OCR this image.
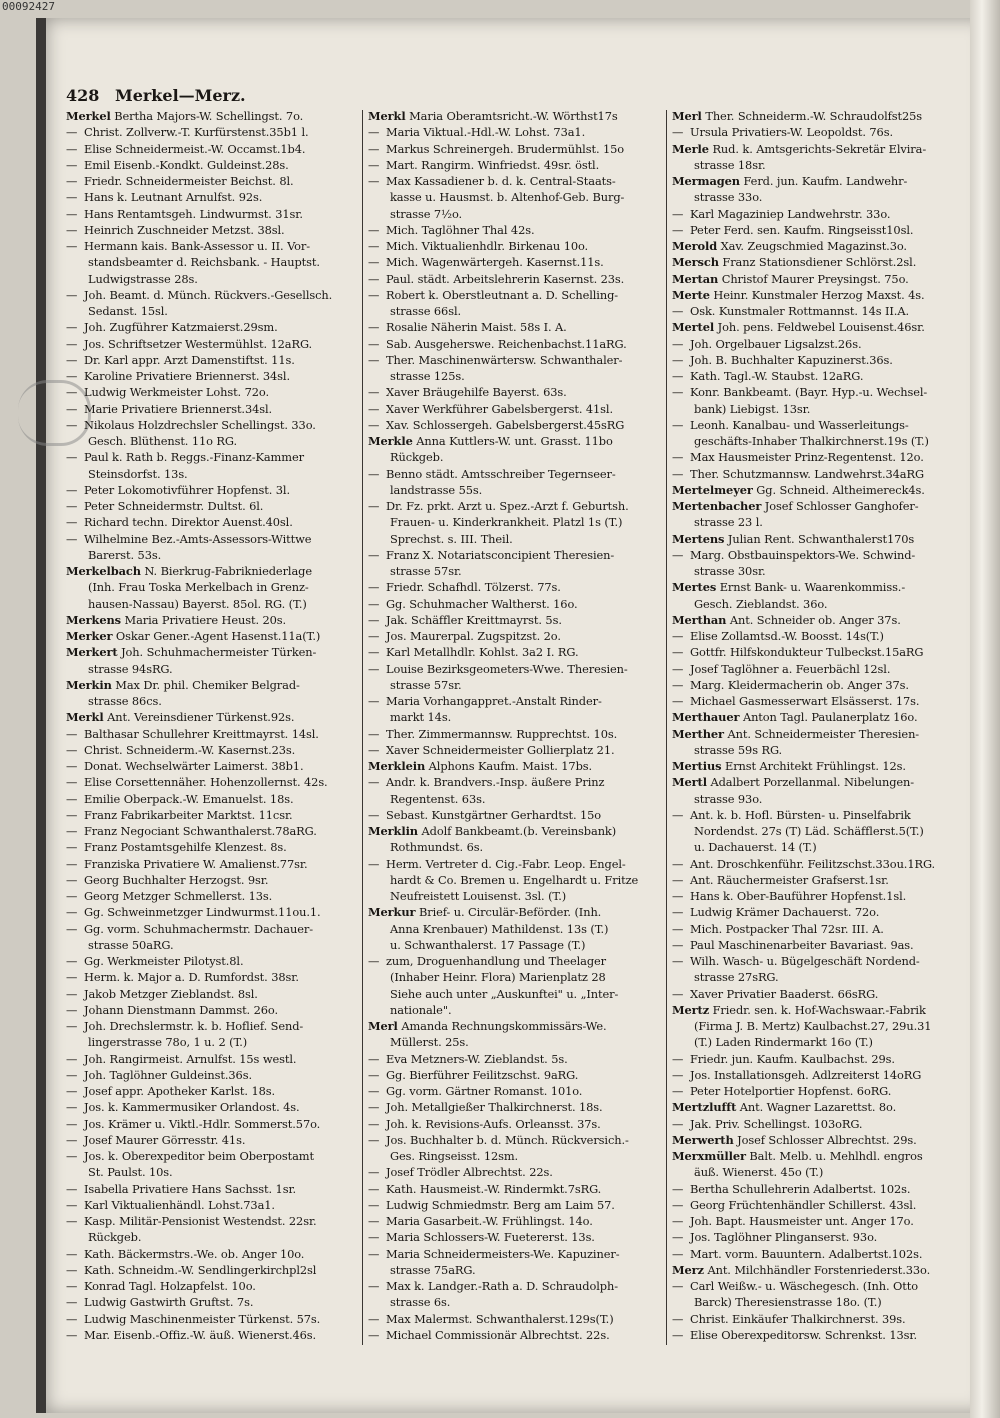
00092427
428 Merkel—Merz.
Merkel Bertha Majors-W. Schellingst. 7o.
— Christ. Zollverw.-T. Kurfürstenst.35b1 l.
— Elise Schneidermeist.-W. Occamst.1b4.
— Emil Eisenb.-Kondkt. Guldeinst.28s.
— Friedr. Schneidermeister Beichst. 8l.
— Hans k. Leutnant Arnulfst. 92s.
— Hans Rentamtsgeh. Lindwurmst. 31sr.
— Heinrich Zuschneider Metzst. 38sl.
— Hermann kais. Bank-Assessor u. II. Vor-
standsbeamter d. Reichsbank. - Hauptst.
Ludwigstrasse 28s.
— Joh. Beamt. d. Münch. Rückvers.-Gesellsch.
Sedanst. 15sl.
— Joh. Zugführer Katzmaierst.29sm.
— Jos. Schriftsetzer Westermühlst. 12aRG.
— Dr. Karl appr. Arzt Damenstiftst. 11s.
— Karoline Privatiere Briennerst. 34sl.
— Ludwig Werkmeister Lohst. 72o.
— Marie Privatiere Briennerst.34sl.
— Nikolaus Holzdrechsler Schellingst. 33o.
Gesch. Blüthenst. 11o RG.
— Paul k. Rath b. Reggs.-Finanz-Kammer
Steinsdorfst. 13s.
— Peter Lokomotivführer Hopfenst. 3l.
— Peter Schneidermstr. Dultst. 6l.
— Richard techn. Direktor Auenst.40sl.
— Wilhelmine Bez.-Amts-Assessors-Wittwe
Barerst. 53s.
Merkelbach N. Bierkrug-Fabrikniederlage
(Inh. Frau Toska Merkelbach in Grenz-
hausen-Nassau) Bayerst. 85ol. RG. (T.)
Merkens Maria Privatiere Heust. 20s.
Merker Oskar Gener.-Agent Hasenst.11a(T.)
Merkert Joh. Schuhmachermeister Türken-
strasse 94sRG.
Merkin Max Dr. phil. Chemiker Belgrad-
strasse 86cs.
Merkl Ant. Vereinsdiener Türkenst.92s.
— Balthasar Schullehrer Kreittmayrst. 14sl.
— Christ. Schneiderm.-W. Kasernst.23s.
— Donat. Wechselwärter Laimerst. 38b1.
— Elise Corsettennäher. Hohenzollernst. 42s.
— Emilie Oberpack.-W. Emanuelst. 18s.
— Franz Fabrikarbeiter Marktst. 11csr.
— Franz Negociant Schwanthalerst.78aRG.
— Franz Postamtsgehilfe Klenzest. 8s.
— Franziska Privatiere W. Amalienst.77sr.
— Georg Buchhalter Herzogst. 9sr.
— Georg Metzger Schmellerst. 13s.
— Gg. Schweinmetzger Lindwurmst.11ou.1.
— Gg. vorm. Schuhmachermstr. Dachauer-
strasse 50aRG.
— Gg. Werkmeister Pilotyst.8l.
— Herm. k. Major a. D. Rumfordst. 38sr.
— Jakob Metzger Zieblandst. 8sl.
— Johann Dienstmann Dammst. 26o.
— Joh. Drechslermstr. k. b. Hoflief. Send-
lingerstrasse 78o, 1 u. 2 (T.)
— Joh. Rangirmeist. Arnulfst. 15s westl.
— Joh. Taglöhner Guldeinst.36s.
— Josef appr. Apotheker Karlst. 18s.
— Jos. k. Kammermusiker Orlandost. 4s.
— Jos. Krämer u. Viktl.-Hdlr. Sommerst.57o.
— Josef Maurer Görresstr. 41s.
— Jos. k. Oberexpeditor beim Oberpostamt
St. Paulst. 10s.
— Isabella Privatiere Hans Sachsst. 1sr.
— Karl Viktualienhändl. Lohst.73a1.
— Kasp. Militär-Pensionist Westendst. 22sr.
Rückgeb.
— Kath. Bäckermstrs.-We. ob. Anger 10o.
— Kath. Schneidm.-W. Sendlingerkirchpl2sl
— Konrad Tagl. Holzapfelst. 10o.
— Ludwig Gastwirth Gruftst. 7s.
— Ludwig Maschinenmeister Türkenst. 57s.
— Mar. Eisenb.-Offiz.-W. äuß. Wienerst.46s.
Merkl Maria Oberamtsricht.-W. Wörthst17s
— Maria Viktual.-Hdl.-W. Lohst. 73a1.
— Markus Schreinergeh. Brudermühlst. 15o
— Mart. Rangirm. Winfriedst. 49sr. östl.
— Max Kassadiener b. d. k. Central-Staats-
kasse u. Hausmst. b. Altenhof-Geb. Burg-
strasse 7½o.
— Mich. Taglöhner Thal 42s.
— Mich. Viktualienhdlr. Birkenau 10o.
— Mich. Wagenwärtergeh. Kasernst.11s.
— Paul. städt. Arbeitslehrerin Kasernst. 23s.
— Robert k. Oberstleutnant a. D. Schelling-
strasse 66sl.
— Rosalie Näherin Maist. 58s I. A.
— Sab. Ausgeherswe. Reichenbachst.11aRG.
— Ther. Maschinenwärtersw. Schwanthaler-
strasse 125s.
— Xaver Bräugehilfe Bayerst. 63s.
— Xaver Werkführer Gabelsbergerst. 41sl.
— Xav. Schlossergeh. Gabelsbergerst.45sRG
Merkle Anna Kuttlers-W. unt. Grasst. 11bo
Rückgeb.
— Benno städt. Amtsschreiber Tegernseer-
landstrasse 55s.
— Dr. Fz. prkt. Arzt u. Spez.-Arzt f. Geburtsh.
Frauen- u. Kinderkrankheit. Platzl 1s (T.)
Sprechst. s. III. Theil.
— Franz X. Notariatsconcipient Theresien-
strasse 57sr.
— Friedr. Schafhdl. Tölzerst. 77s.
— Gg. Schuhmacher Waltherst. 16o.
— Jak. Schäffler Kreittmayrst. 5s.
— Jos. Maurerpal. Zugspitzst. 2o.
— Karl Metallhdlr. Kohlst. 3a2 I. RG.
— Louise Bezirksgeometers-Wwe. Theresien-
strasse 57sr.
— Maria Vorhangappret.-Anstalt Rinder-
markt 14s.
— Ther. Zimmermannsw. Rupprechtst. 10s.
— Xaver Schneidermeister Gollierplatz 21.
Merklein Alphons Kaufm. Maist. 17bs.
— Andr. k. Brandvers.-Insp. äußere Prinz
Regentenst. 63s.
— Sebast. Kunstgärtner Gerhardtst. 15o
Merklin Adolf Bankbeamt.(b. Vereinsbank)
Rothmundst. 6s.
— Herm. Vertreter d. Cig.-Fabr. Leop. Engel-
hardt & Co. Bremen u. Engelhardt u. Fritze
Neufreistett Louisenst. 3sl. (T.)
Merkur Brief- u. Circulär-Beförder. (Inh.
Anna Krenbauer) Mathildenst. 13s (T.)
u. Schwanthalerst. 17 Passage (T.)
— zum, Droguenhandlung und Theelager
(Inhaber Heinr. Flora) Marienplatz 28
Siehe auch unter „Auskunftei" u. „Inter-
nationale".
Merl Amanda Rechnungskommissärs-We.
Müllerst. 25s.
— Eva Metzners-W. Zieblandst. 5s.
— Gg. Bierführer Feilitzschst. 9aRG.
— Gg. vorm. Gärtner Romanst. 101o.
— Joh. Metallgießer Thalkirchnerst. 18s.
— Joh. k. Revisions-Aufs. Orleansst. 37s.
— Jos. Buchhalter b. d. Münch. Rückversich.-
Ges. Ringseisst. 12sm.
— Josef Trödler Albrechtst. 22s.
— Kath. Hausmeist.-W. Rindermkt.7sRG.
— Ludwig Schmiedmstr. Berg am Laim 57.
— Maria Gasarbeit.-W. Frühlingst. 14o.
— Maria Schlossers-W. Fuetererst. 13s.
— Maria Schneidermeisters-We. Kapuziner-
strasse 75aRG.
— Max k. Landger.-Rath a. D. Schraudolph-
strasse 6s.
— Max Malermst. Schwanthalerst.129s(T.)
— Michael Commissionär Albrechtst. 22s.
Merl Ther. Schneiderm.-W. Schraudolfst25s
— Ursula Privatiers-W. Leopoldst. 76s.
Merle Rud. k. Amtsgerichts-Sekretär Elvira-
strasse 18sr.
Mermagen Ferd. jun. Kaufm. Landwehr-
strasse 33o.
— Karl Magaziniер Landwehrstr. 33o.
— Peter Ferd. sen. Kaufm. Ringseisst10sl.
Merold Xav. Zeugschmied Magazinst.3o.
Mersch Franz Stationsdiener Schlörst.2sl.
Mertan Christof Maurer Preysingst. 75o.
Merte Heinr. Kunstmaler Herzog Maxst. 4s.
— Osk. Kunstmaler Rottmannst. 14s II.A.
Mertel Joh. pens. Feldwebel Louisenst.46sr.
— Joh. Orgelbauer Ligsalzst.26s.
— Joh. B. Buchhalter Kapuzinerst.36s.
— Kath. Tagl.-W. Staubst. 12aRG.
— Konr. Bankbeamt. (Bayr. Hyp.-u. Wechsel-
bank) Liebigst. 13sr.
— Leonh. Kanalbau- und Wasserleitungs-
geschäfts-Inhaber Thalkirchnerst.19s (T.)
— Max Hausmeister Prinz-Regentenst. 12o.
— Ther. Schutzmannsw. Landwehrst.34aRG
Mertelmeyer Gg. Schneid. Altheimereck4s.
Mertenbacher Josef Schlosser Ganghofer-
strasse 23 l.
Mertens Julian Rent. Schwanthalerst170s
— Marg. Obstbauinspektors-We. Schwind-
strasse 30sr.
Mertes Ernst Bank- u. Waarenkommiss.-
Gesch. Zieblandst. 36o.
Merthan Ant. Schneider ob. Anger 37s.
— Elise Zollamtsd.-W. Boosst. 14s(T.)
— Gottfr. Hilfskondukteur Tulbeckst.15aRG
— Josef Taglöhner a. Feuerbächl 12sl.
— Marg. Kleidermacherin ob. Anger 37s.
— Michael Gasmesserwart Elsässerst. 17s.
Merthauer Anton Tagl. Paulanerplatz 16o.
Merther Ant. Schneidermeister Theresien-
strasse 59s RG.
Mertius Ernst Architekt Frühlingst. 12s.
Mertl Adalbert Porzellanmal. Nibelungen-
strasse 93o.
— Ant. k. b. Hofl. Bürsten- u. Pinselfabrik
Nordendst. 27s (T) Läd. Schäfflerst.5(T.)
u. Dachauerst. 14 (T.)
— Ant. Droschkenführ. Feilitzschst.33ou.1RG.
— Ant. Räuchermeister Grafserst.1sr.
— Hans k. Ober-Bauführer Hopfenst.1sl.
— Ludwig Krämer Dachauerst. 72o.
— Mich. Postpacker Thal 72sr. III. A.
— Paul Maschinenarbeiter Bavariast. 9as.
— Wilh. Wasch- u. Bügelgeschäft Nordend-
strasse 27sRG.
— Xaver Privatier Baaderst. 66sRG.
Mertz Friedr. sen. k. Hof-Wachswaar.-Fabrik
(Firma J. B. Mertz) Kaulbachst.27, 29u.31
(T.) Laden Rindermarkt 16o (T.)
— Friedr. jun. Kaufm. Kaulbachst. 29s.
— Jos. Installationsgeh. Adlzreiterst 14oRG
— Peter Hotelportier Hopfenst. 6oRG.
Mertzlufft Ant. Wagner Lazarettst. 8o.
— Jak. Priv. Schellingst. 103oRG.
Merwerth Josef Schlosser Albrechtst. 29s.
Merxmüller Balt. Melb. u. Mehlhdl. engros
äuß. Wienerst. 45o (T.)
— Bertha Schullehrerin Adalbertst. 102s.
— Georg Früchtenhändler Schillerst. 43sl.
— Joh. Bapt. Hausmeister unt. Anger 17o.
— Jos. Taglöhner Plinganserst. 93o.
— Mart. vorm. Bauuntern. Adalbertst.102s.
Merz Ant. Milchhändler Forstenriederst.33o.
— Carl Weißw.- u. Wäschegesch. (Inh. Otto
Barck) Theresienstrasse 18o. (T.)
— Christ. Einkäufer Thalkirchnerst. 39s.
— Elise Oberexpeditorsw. Schrenkst. 13sr.
